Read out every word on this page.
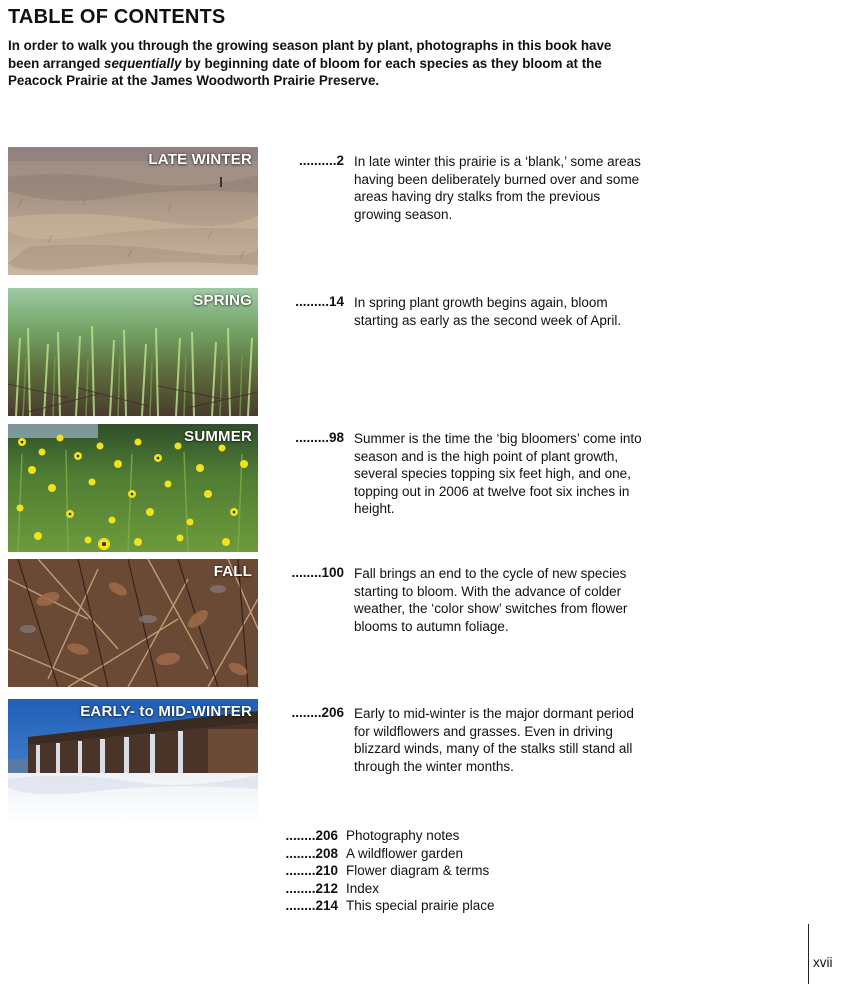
TABLE OF CONTENTS

In order to walk you through the growing season plant by plant, photographs in this book have been arranged sequentially by beginning date of bloom for each species as they bloom at the Peacock Prairie at the James Woodworth Prairie Preserve.

LATE WINTER	..........2 In late winter this prairie is a ‘blank,’ some areas having been deliberately burned over and some areas having dry stalks from the previous growing season.

SPRING	.........14 In spring plant growth begins again, bloom starting as early as the second week of April.

SUMMER	.........98 Summer is the time the ‘big bloomers’ come into season and is the high point of plant growth, several species topping six feet high, and one, topping out in 2006 at twelve foot six inches in height.

FALL	........100 Fall brings an end to the cycle of new species starting to bloom. With the advance of colder weather, the ‘color show’ switches from flower blooms to autumn foliage.

EARLY- to MID-WINTER	........206 Early to mid-winter is the major dormant period for wildflowers and grasses. Even in driving blizzard winds, many of the stalks still stand all through the winter months.

........206 Photography notes
........208 A wildflower garden
........210 Flower diagram & terms
........212 Index
........214 This special prairie place
xvii
